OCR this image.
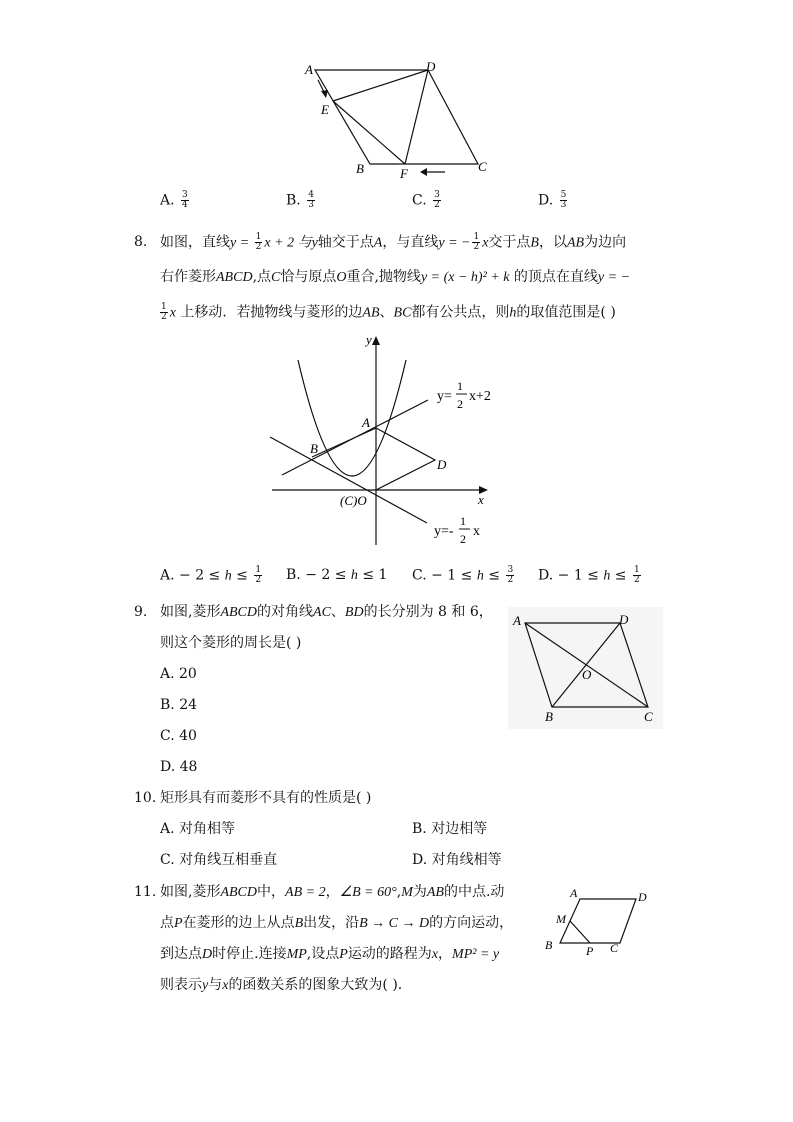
A	D
E
B	F	C
A. $\frac{3}{4}$	B. $\frac{4}{3}$	C. $\frac{3}{2}$	D. $\frac{5}{3}$
8. 如图，直线$y = \frac{1}{2}$ x + 2 与y轴交于点A，与直线y = − $\frac{1}{2}$ x交于点B，以AB为边向
右作菱形ABCD,点C恰与原点O重合,抛物线y = (x − h)² + k 的顶点在直线y = −
$\frac{1}{2}$ x 上移动．若抛物线与菱形的边AB、BC都有公共点，则h的取值范围是( )
y
x
A
B
D
(C)O
y=
1
2 x+2
y=-
1
2 x
A. − $2 \le h \le \frac{1}{2} B$. − 2 ≤ h ≤ 1 C. − $1 \le h \le \frac{3}{2} D$. − $1 \le h \le \frac{1}{2}$
9. 如图,菱形ABCD的对角线AC、BD的长分别为 8 和 6，
则这个菱形的周长是( )
A. 20
B. 24
C. 40
D. 48
A	D
O
B	C
10. 矩形具有而菱形不具有的性质是( )
A. 对角相等	B. 对边相等
C. 对角线互相垂直	D. 对角线相等
11. 如图,菱形ABCD中，AB = 2，∠B = 60°,M为AB的中点.动
点P在菱形的边上从点B出发，沿B → C → D的方向运动，
到达点D时停止.连接MP,设点P运动的路程为x，MP² = y
则表示y与x的函数关系的图象大致为( ).
A	D
M
B	P C
